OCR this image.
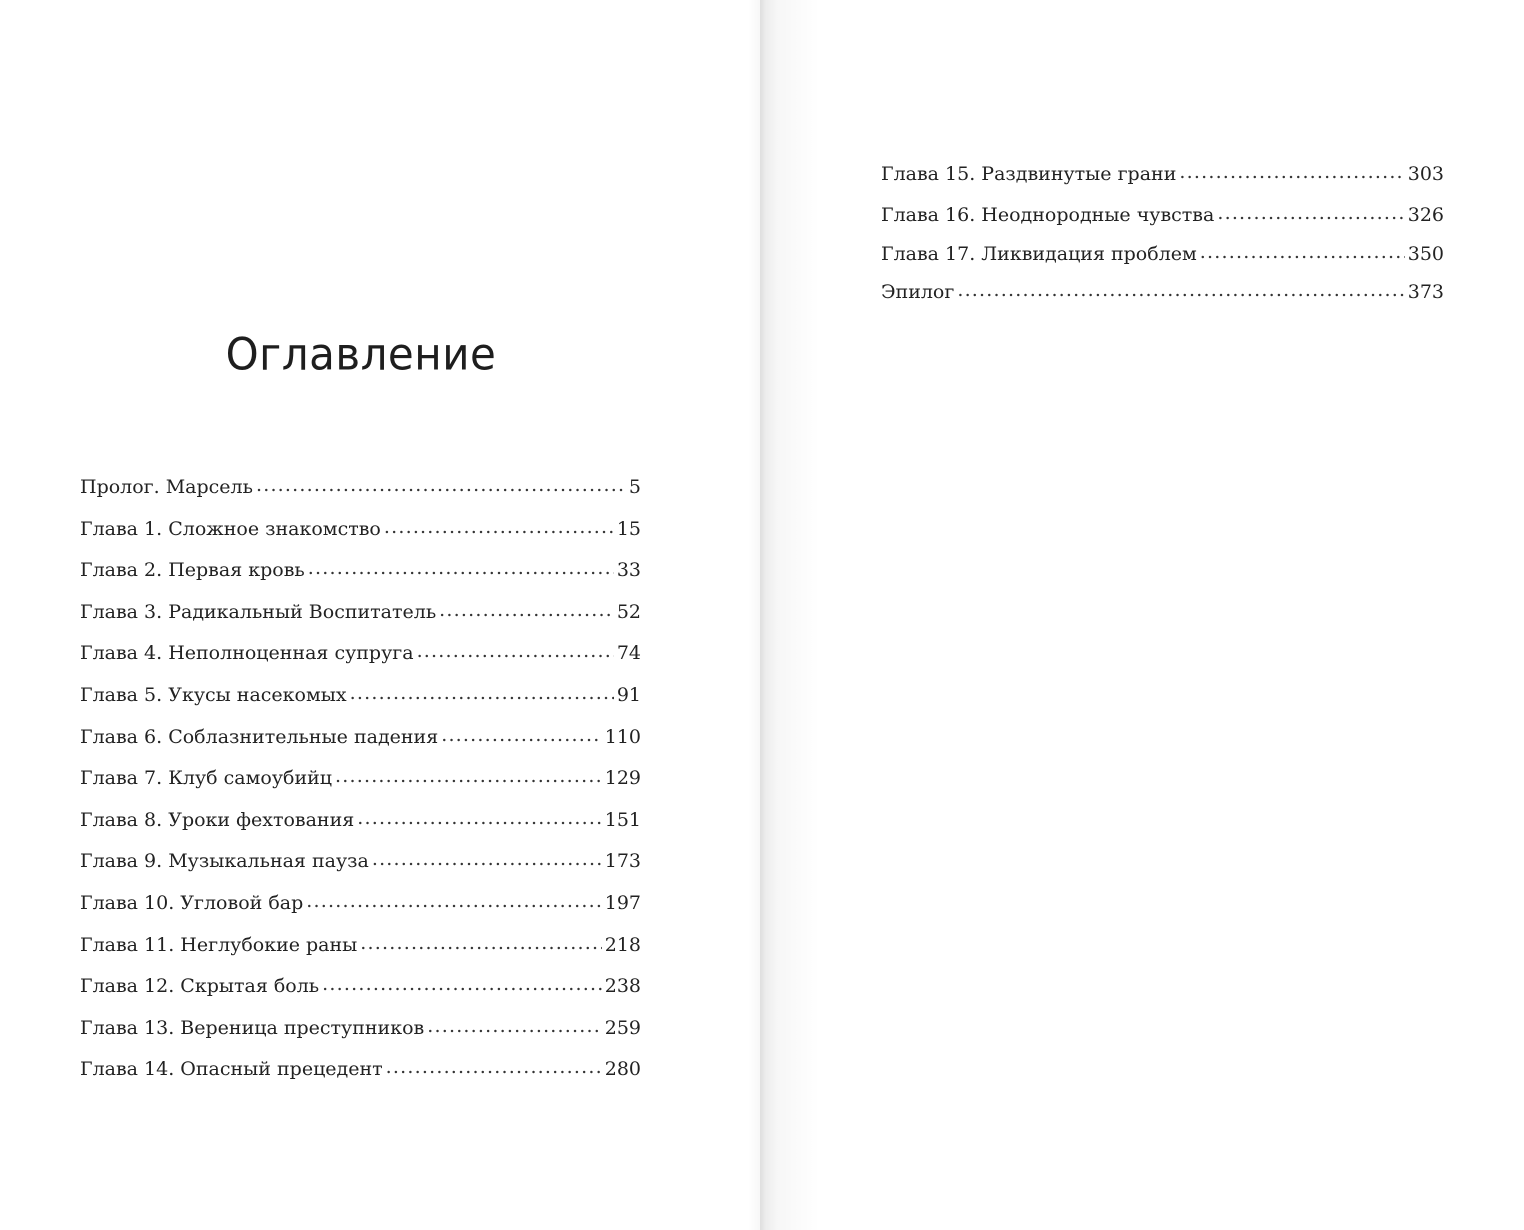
Оглавление
Пролог. Марсель .....	5
Глава 1. Сложное знакомство .....	15
Глава 2. Первая кровь .....	33
Глава 3. Радикальный Воспитатель .....	52
Глава 4. Неполноценная супруга .....	74
Глава 5. Укусы насекомых .....	91
Глава 6. Соблазнительные падения .....	110
Глава 7. Клуб самоубийц .....	129
Глава 8. Уроки фехтования .....	151
Глава 9. Музыкальная пауза .....	173
Глава 10. Угловой бар .....	197
Глава 11. Неглубокие раны .....	218
Глава 12. Скрытая боль .....	238
Глава 13. Вереница преступников .....	259
Глава 14. Опасный прецедент .....	280
Глава 15. Раздвинутые грани .....	303
Глава 16. Неоднородные чувства .....	326
Глава 17. Ликвидация проблем .....	350
Эпилог .....	373
